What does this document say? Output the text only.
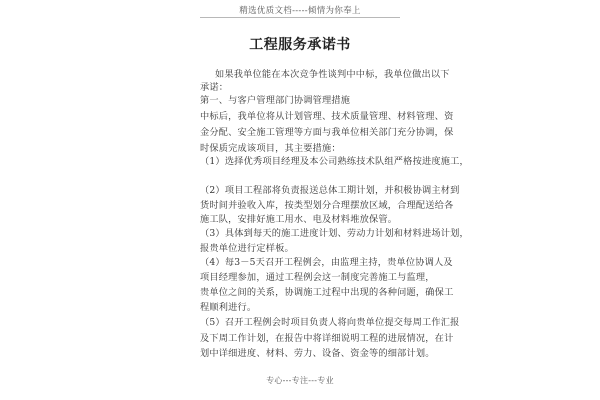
精选优质文档-----倾情为你奉上
工程服务承诺书
如果我单位能在本次竞争性谈判中中标，我单位做出以下
承诺：
第一、与客户管理部门协调管理措施
中标后，我单位将从计划管理、技术质量管理、材料管理、资
金分配、安全施工管理等方面与我单位相关部门充分协调，保
时保质完成该项目，其主要措施：
（1）选择优秀项目经理及本公司熟练技术队组严格按进度施工，
（2）项目工程部将负责报送总体工期计划，并积极协调主材到
货时间并验收入库，按类型划分合理摆放区域，合理配送给各
施工队，安排好施工用水、电及材料堆放保管。
（3）具体到每天的施工进度计划、劳动力计划和材料进场计划，
报贵单位进行定样板。
（4）每3－5天召开工程例会，由监理主持，贵单位协调人及
项目经理参加，通过工程例会这一制度完善施工与监理，
贵单位之间的关系，协调施工过程中出现的各种问题，确保工
程顺利进行。
（5）召开工程例会时项目负责人将向贵单位提交每周工作汇报
及下周工作计划，在报告中将详细说明工程的进展情况，在计
划中详细进度、材料、劳力、设备、资金等的细部计划。
专心---专注---专业
